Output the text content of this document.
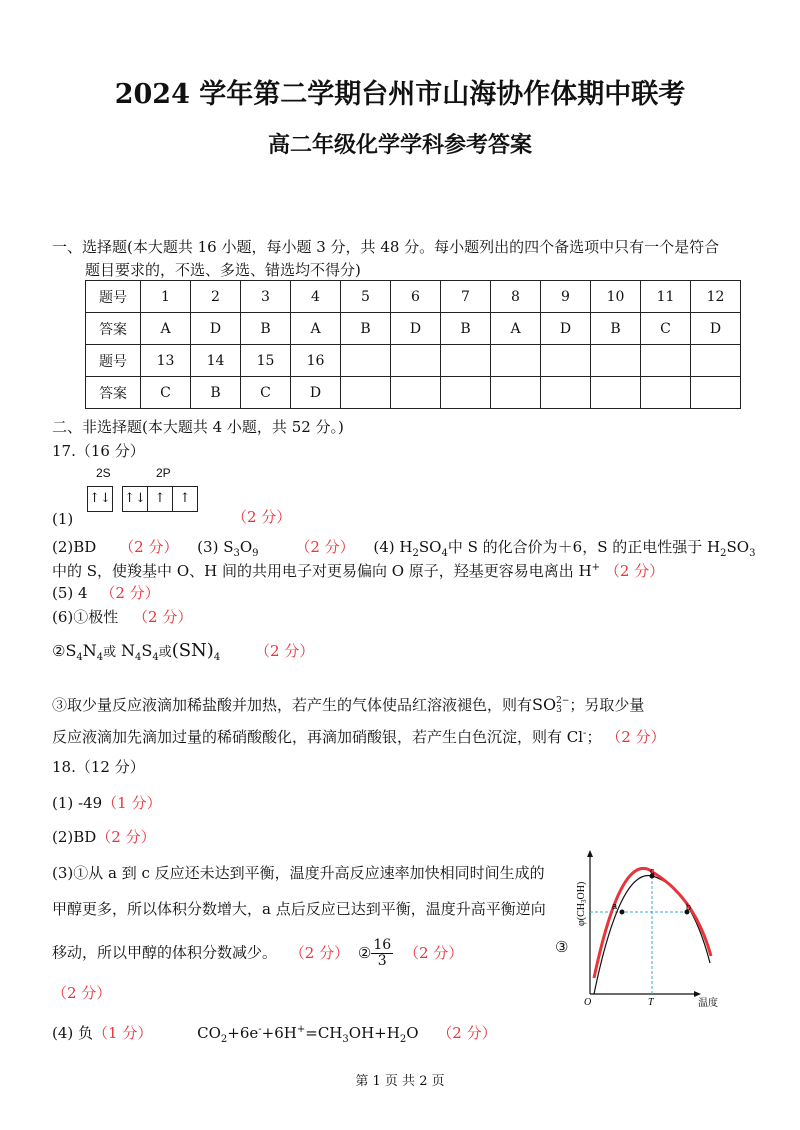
2024 学年第二学期台州市山海协作体期中联考
高二年级化学学科参考答案
一、选择题(本大题共 16 小题，每小题 3 分，共 48 分。每小题列出的四个备选项中只有一个是符合
题目要求的，不选、多选、错选均不得分)
题号	1	2	3	4	5	6	7	8	9	10	11	12
答案	A	D	B	A	B	D	B	A	D	B	C	D
题号	13	14	15	16								
答案	C	B	C	D								
二、非选择题(本大题共 4 小题，共 52 分。)
17.（16 分）
2S	2P
↑↓ ↑↓ ↑ ↑
(1)	（2 分）
(2)BD （2 分） (3) $S_3O_9$ （2 分） (4) $H_2SO_4$中 S 的化合价为＋6，S 的正电性强于 $H_2SO_3$
中的 S，使羧基中 O、H 间的共用电子对更易偏向 O 原子，羟基更容易电离出 H+ （2 分）
(5) 4 （2 分）
(6)①极性 （2 分）
$②S_4N_4$或 $N_4S_4$或$(SN)_4$ （2 分）
③取少量反应液滴加稀盐酸并加热，若产生的气体使品红溶液褪色，则有SO 2−
3 ；另取少量
反应液滴加先滴加过量的稀硝酸酸化，再滴加硝酸银，若产生白色沉淀，则有 Cl-； （2 分）
18.（12 分）
(1) -49（1 分）
(2)BD（2 分）
(3)①从 a 到 c 反应还未达到平衡，温度升高反应速率加快相同时间生成的
甲醇更多，所以体积分数增大，a 点后反应已达到平衡，温度升高平衡逆向
移动，所以甲醇的体积分数减少。 （2 分） ② $\frac{16}{3} (2$ 分）	③
（2 分）
(4) 负（1 分）	$CO_2+6e^-+6H^+=CH_3OH+H_2O$ （2 分）
a
c
b
O	T	温度
$\varphi(CH_3OH)$
第 1 页 共 2 页
